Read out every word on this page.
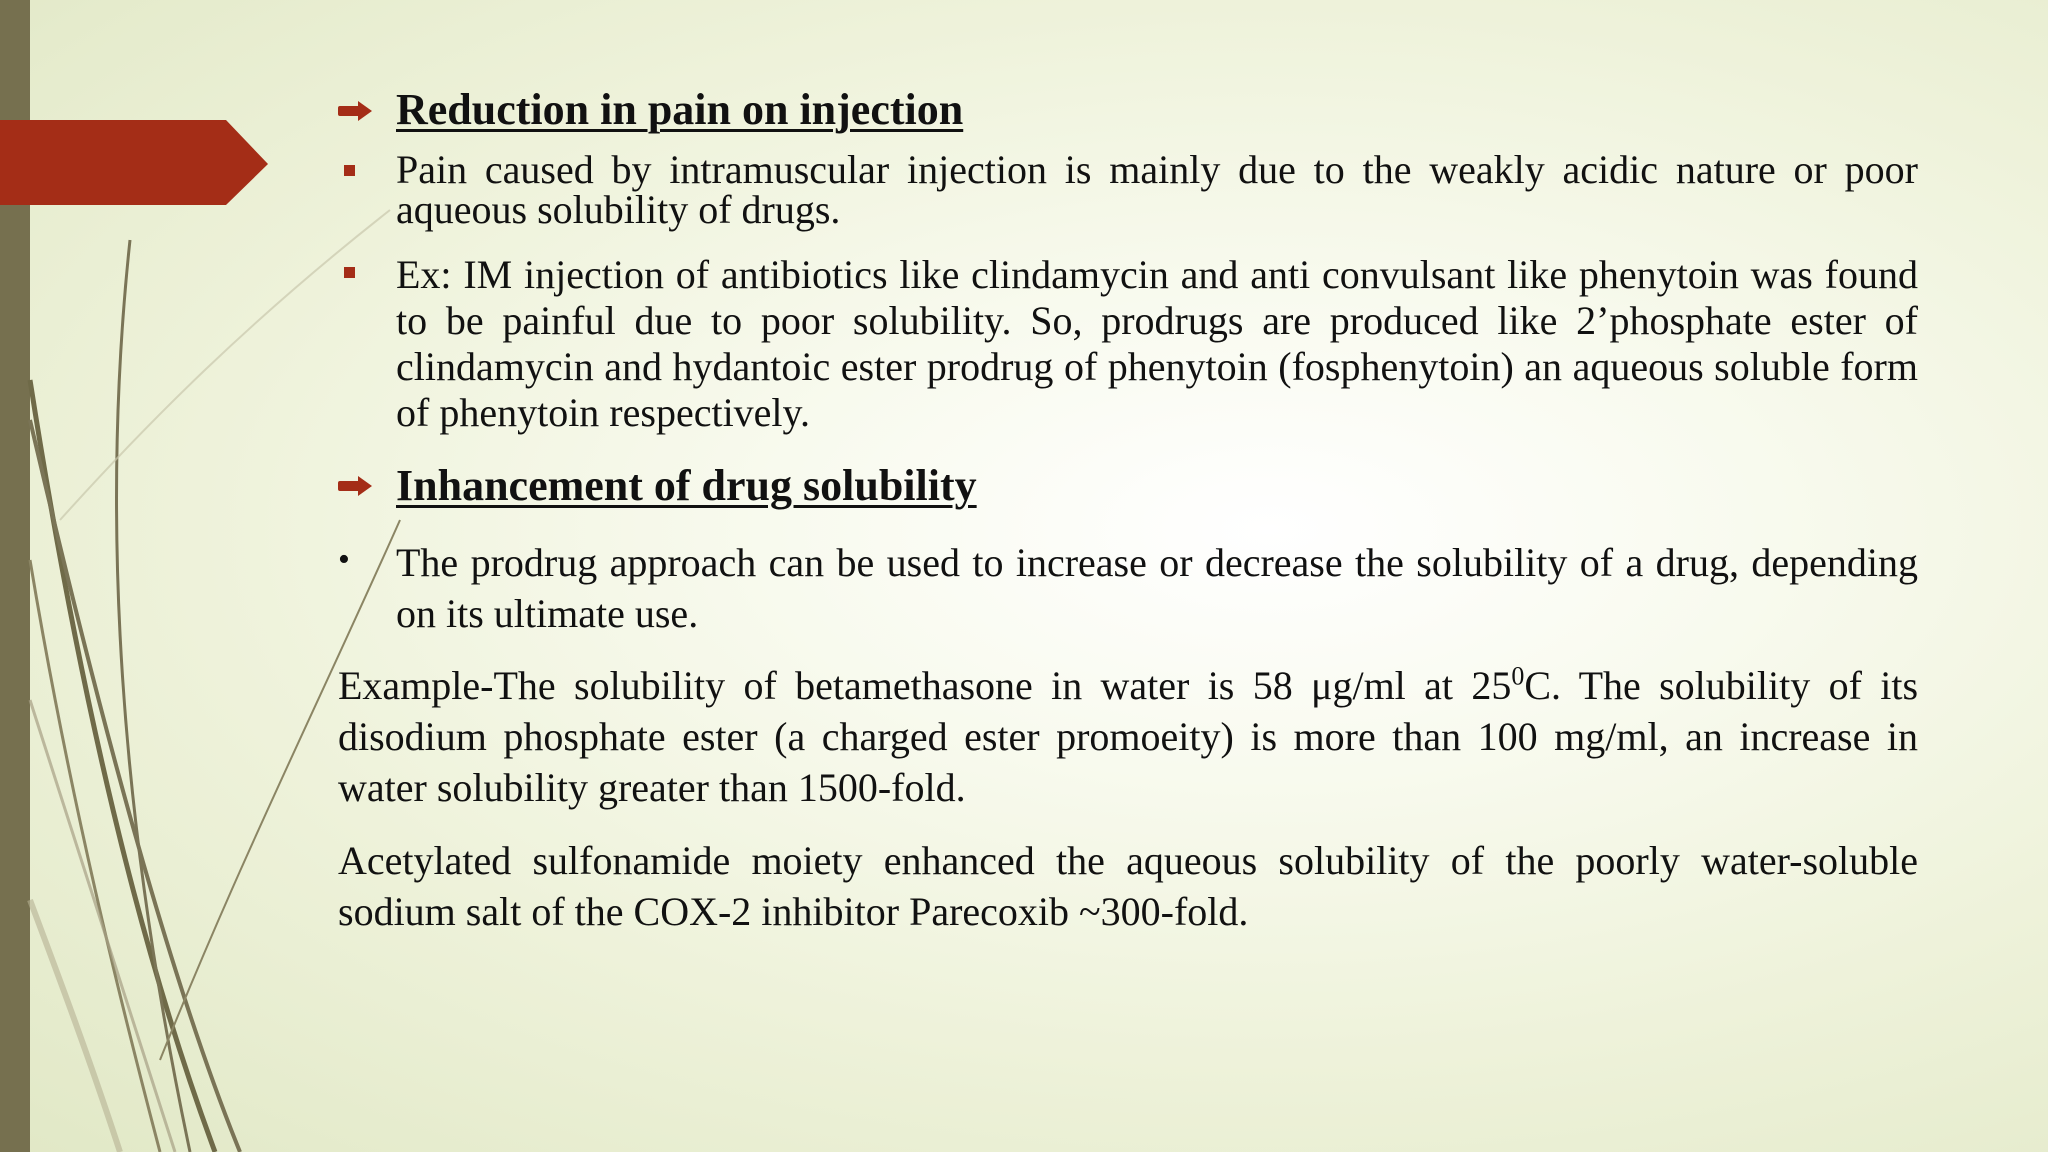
Reduction in pain on injection
Pain caused by intramuscular injection is mainly due to the weakly acidic nature or poor aqueous solubility of drugs.
Ex: IM injection of antibiotics like clindamycin and anti convulsant like phenytoin was found to be painful due to poor solubility. So, prodrugs are produced like 2’phosphate ester of clindamycin and hydantoic ester prodrug of phenytoin (fosphenytoin) an aqueous soluble form of phenytoin respectively.
Inhancement of drug solubility
• The prodrug approach can be used to increase or decrease the solubility of a drug, depending on its ultimate use.
Example-The solubility of betamethasone in water is 58 μg/ml at $25^0C$. The solubility of its disodium phosphate ester (a charged ester promoeity) is more than 100 mg/ml, an increase in water solubility greater than 1500-fold.
Acetylated sulfonamide moiety enhanced the aqueous solubility of the poorly water-soluble sodium salt of the COX-2 inhibitor Parecoxib ~300-fold.
